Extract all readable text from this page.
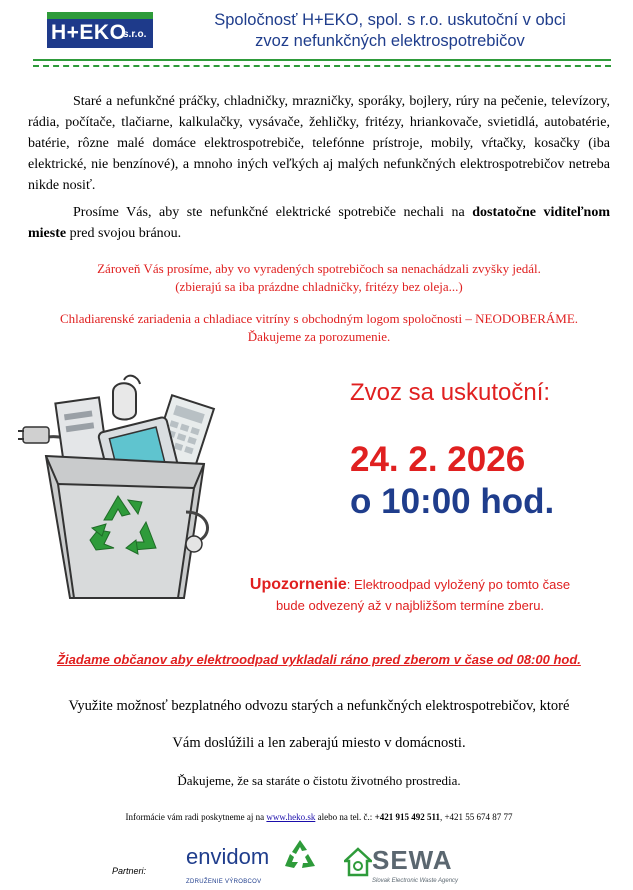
H+EKO
s.r.o.
Spoločnosť H+EKO, spol. s r.o. uskutoční v obci
zvoz nefunkčných elektrospotrebičov
Staré a nefunkčné práčky, chladničky, mrazničky, sporáky, bojlery, rúry na pečenie, televízory, rádia, počítače, tlačiarne, kalkulačky, vysávače, žehličky, fritézy, hriankovače, svietidlá, autobatérie, batérie, rôzne malé domáce elektrospotrebiče, telefónne prístroje, mobily, vŕtačky, kosačky (iba elektrické, nie benzínové), a mnoho iných veľkých aj malých nefunkčných elektrospotrebičov netreba nikde nosiť.
Prosíme Vás, aby ste nefunkčné elektrické spotrebiče nechali na dostatočne viditeľnom mieste pred svojou bránou.
Zároveň Vás prosíme, aby vo vyradených spotrebičoch sa nenachádzali zvyšky jedál.
(zbierajú sa iba prázdne chladničky, fritézy bez oleja...)
Chladiarenské zariadenia a chladiace vitríny s obchodným logom spoločnosti – NEODOBERÁME.
Ďakujeme za porozumenie.
Zvoz sa uskutoční:
24. 2. 2026
o 10:00 hod.
Upozornenie: Elektroodpad vyložený po tomto čase
bude odvezený až v najbližšom termíne zberu.
Žiadame občanov aby elektroodpad vykladali ráno pred zberom v čase od 08:00 hod.
Využite možnosť bezplatného odvozu starých a nefunkčných elektrospotrebičov, ktoré
Vám doslúžili a len zaberajú miesto v domácnosti.
Ďakujeme, že sa staráte o čistotu životného prostredia.
Informácie vám radi poskytneme aj na www.heko.sk alebo na tel. č.: +421 915 492 511, +421 55 674 87 77
Partneri:
envidom
ZDRUŽENIE VÝROBCOV
SEWA
Slovak Electronic Waste Agency
